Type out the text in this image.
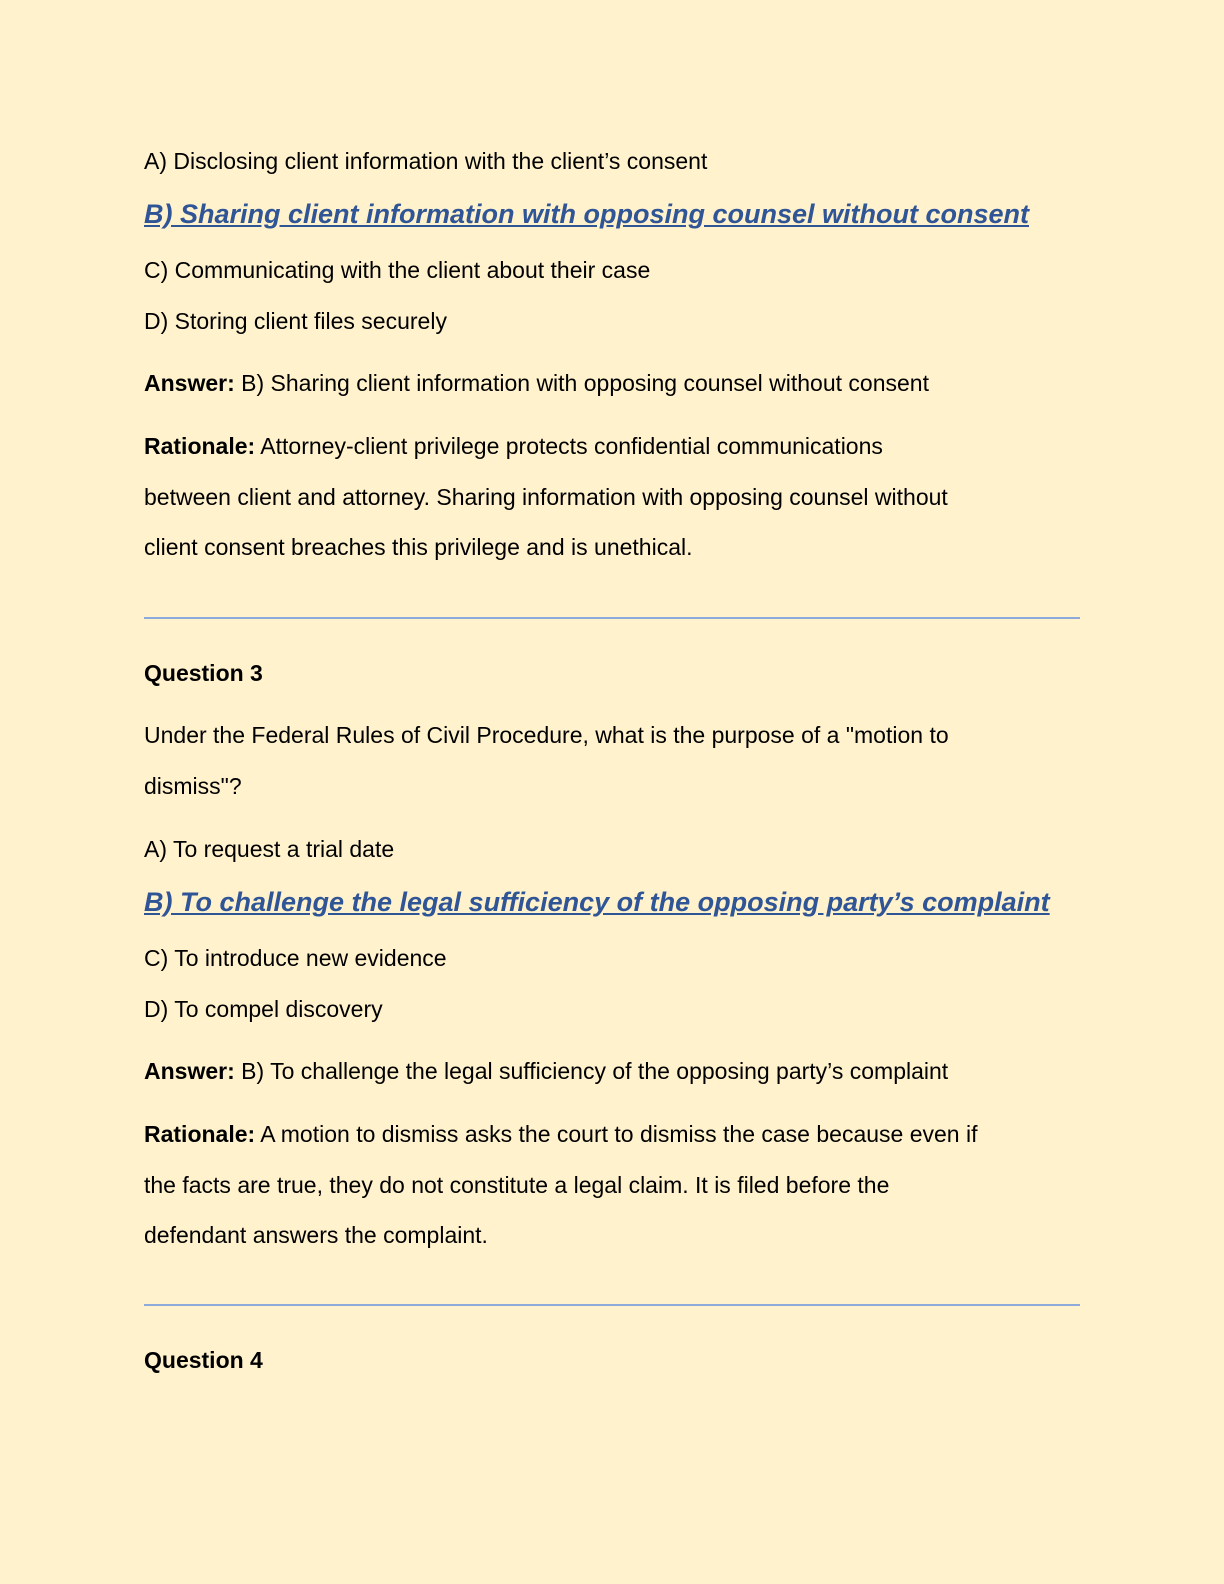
A) Disclosing client information with the client’s consent
B) Sharing client information with opposing counsel without consent
C) Communicating with the client about their case
D) Storing client files securely
Answer: B) Sharing client information with opposing counsel without consent
Rationale: Attorney-client privilege protects confidential communications
between client and attorney. Sharing information with opposing counsel without
client consent breaches this privilege and is unethical.
Question 3
Under the Federal Rules of Civil Procedure, what is the purpose of a "motion to
dismiss"?
A) To request a trial date
B) To challenge the legal sufficiency of the opposing party’s complaint
C) To introduce new evidence
D) To compel discovery
Answer: B) To challenge the legal sufficiency of the opposing party’s complaint
Rationale: A motion to dismiss asks the court to dismiss the case because even if
the facts are true, they do not constitute a legal claim. It is filed before the
defendant answers the complaint.
Question 4
